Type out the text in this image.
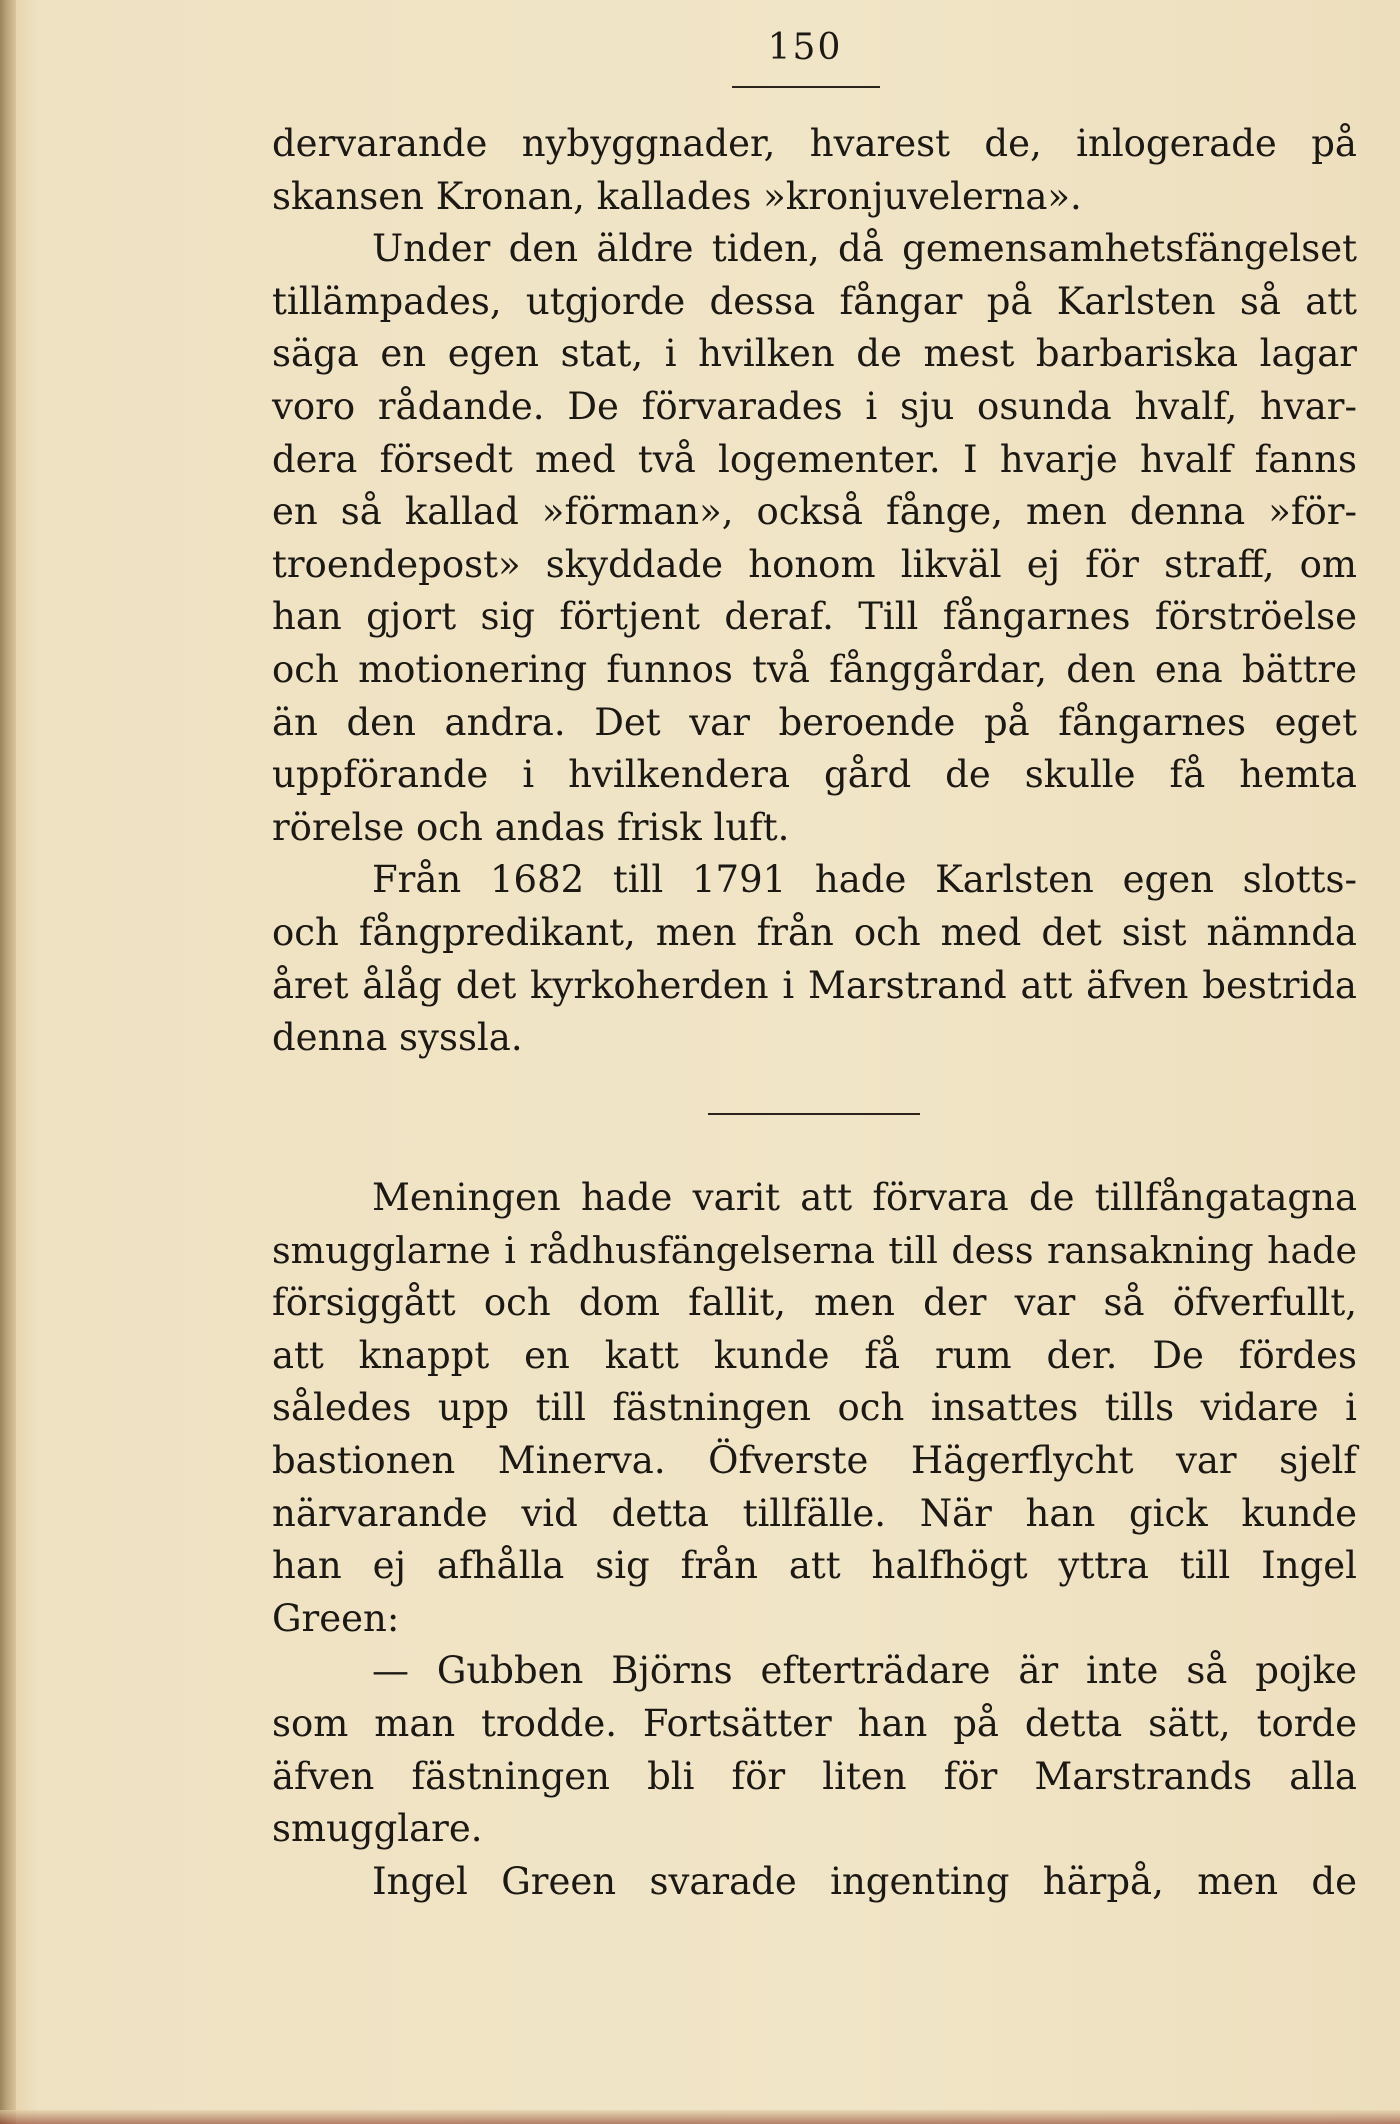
150
dervarande nybyggnader, hvarest de, inlogerade på
skansen Kronan, kallades »kronjuvelerna».
Under den äldre tiden, då gemensamhetsfängelset
tillämpades, utgjorde dessa fångar på Karlsten så att
säga en egen stat, i hvilken de mest barbariska lagar
voro rådande. De förvarades i sju osunda hvalf, hvar-
dera försedt med två logementer. I hvarje hvalf fanns
en så kallad »förman», också fånge, men denna »för-
troendepost» skyddade honom likväl ej för straff, om
han gjort sig förtjent deraf. Till fångarnes förströelse
och motionering funnos två fånggårdar, den ena bättre
än den andra. Det var beroende på fångarnes eget
uppförande i hvilkendera gård de skulle få hemta
rörelse och andas frisk luft.
Från 1682 till 1791 hade Karlsten egen slotts-
och fångpredikant, men från och med det sist nämnda
året ålåg det kyrkoherden i Marstrand att äfven bestrida
denna syssla.
Meningen hade varit att förvara de tillfångatagna
smugglarne i rådhusfängelserna till dess ransakning hade
försiggått och dom fallit, men der var så öfverfullt,
att knappt en katt kunde få rum der. De fördes
således upp till fästningen och insattes tills vidare i
bastionen Minerva. Öfverste Hägerflycht var sjelf
närvarande vid detta tillfälle. När han gick kunde
han ej afhålla sig från att halfhögt yttra till Ingel
Green:
— Gubben Björns efterträdare är inte så pojke
som man trodde. Fortsätter han på detta sätt, torde
äfven fästningen bli för liten för Marstrands alla
smugglare.
Ingel Green svarade ingenting härpå, men de
